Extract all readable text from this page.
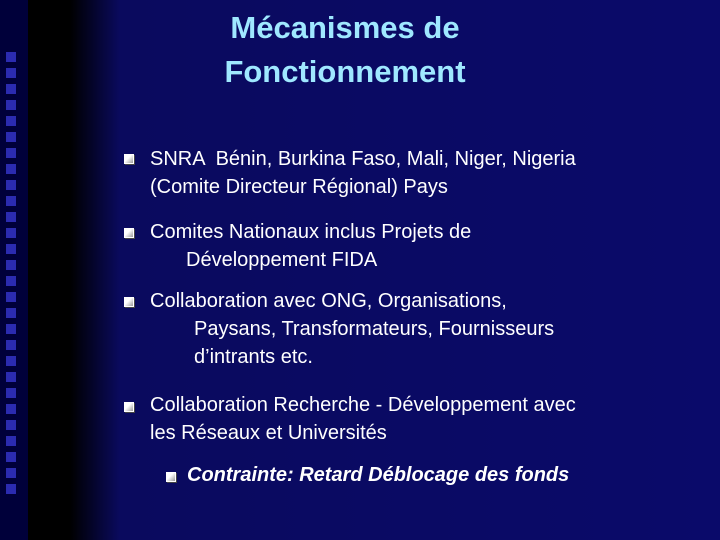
Mécanismes de
Fonctionnement
SNRA  Bénin, Burkina Faso, Mali, Niger, Nigeria
(Comite Directeur Régional) Pays
Comites Nationaux inclus Projets de
Développement FIDA
Collaboration avec ONG, Organisations,
Paysans, Transformateurs, Fournisseurs
d’intrants etc.
Collaboration Recherche - Développement avec
les Réseaux et Universités
Contrainte: Retard Déblocage des fonds
